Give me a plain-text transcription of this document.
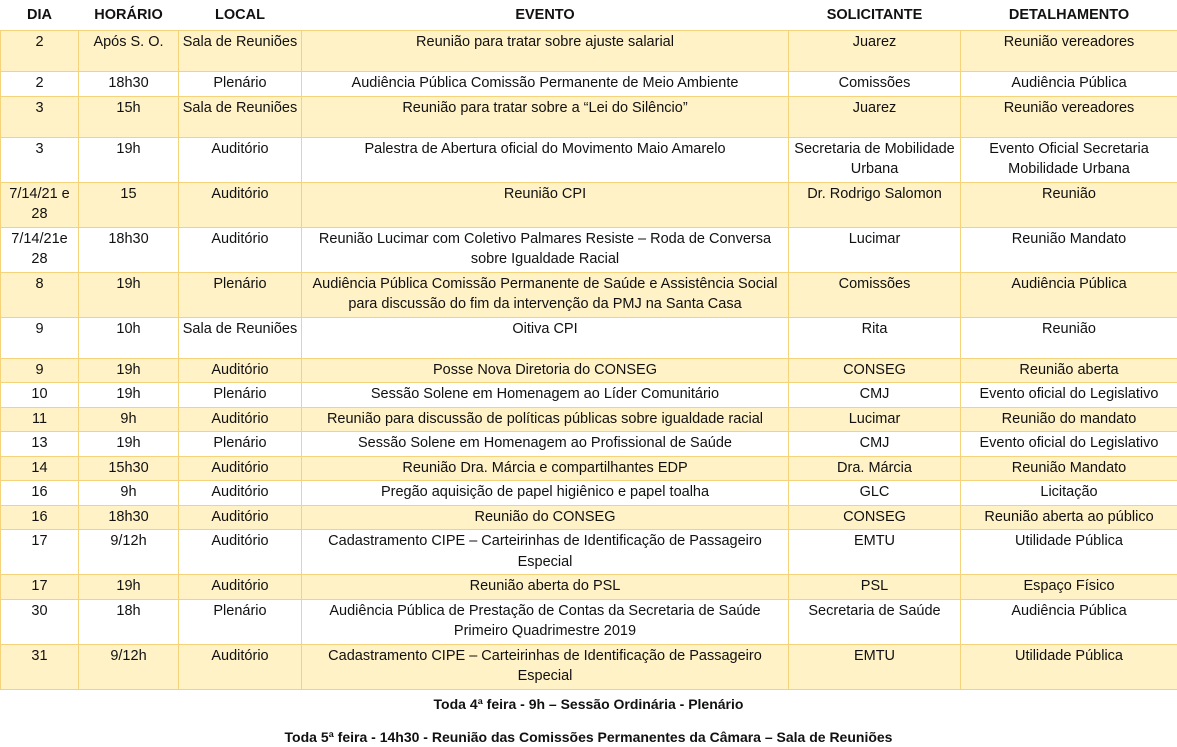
DIA	HORÁRIO	LOCAL	EVENTO	SOLICITANTE	DETALHAMENTO
2	Após S. O.	Sala de Reuniões	Reunião para tratar sobre ajuste salarial	Juarez	Reunião vereadores
2	18h30	Plenário	Audiência Pública Comissão Permanente de Meio Ambiente	Comissões	Audiência Pública
3	15h	Sala de Reuniões	Reunião para tratar sobre a “Lei do Silêncio”	Juarez	Reunião vereadores
3	19h	Auditório	Palestra de Abertura oficial do Movimento Maio Amarelo	Secretaria de Mobilidade Urbana	Evento Oficial Secretaria Mobilidade Urbana
7/14/21 e 28	15	Auditório	Reunião CPI	Dr. Rodrigo Salomon	Reunião
7/14/21e 28	18h30	Auditório	Reunião Lucimar com Coletivo Palmares Resiste – Roda de Conversa sobre Igualdade Racial	Lucimar	Reunião Mandato
8	19h	Plenário	Audiência Pública Comissão Permanente de Saúde e Assistência Social para discussão do fim da intervenção da PMJ na Santa Casa	Comissões	Audiência Pública
9	10h	Sala de Reuniões	Oitiva CPI	Rita	Reunião
9	19h	Auditório	Posse Nova Diretoria do CONSEG	CONSEG	Reunião aberta
10	19h	Plenário	Sessão Solene em Homenagem ao Líder Comunitário	CMJ	Evento oficial do Legislativo
11	9h	Auditório	Reunião para discussão de políticas públicas sobre igualdade racial	Lucimar	Reunião do mandato
13	19h	Plenário	Sessão Solene em Homenagem ao Profissional de Saúde	CMJ	Evento oficial do Legislativo
14	15h30	Auditório	Reunião Dra. Márcia e compartilhantes EDP	Dra. Márcia	Reunião Mandato
16	9h	Auditório	Pregão aquisição de papel higiênico e papel toalha	GLC	Licitação
16	18h30	Auditório	Reunião do CONSEG	CONSEG	Reunião aberta ao público
17	9/12h	Auditório	Cadastramento CIPE – Carteirinhas de Identificação de Passageiro Especial	EMTU	Utilidade Pública
17	19h	Auditório	Reunião aberta do PSL	PSL	Espaço Físico
30	18h	Plenário	Audiência Pública de Prestação de Contas da Secretaria de Saúde Primeiro Quadrimestre 2019	Secretaria de Saúde	Audiência Pública
31	9/12h	Auditório	Cadastramento CIPE – Carteirinhas de Identificação de Passageiro Especial	EMTU	Utilidade Pública
Toda 4ª feira - 9h – Sessão Ordinária - Plenário
Toda 5ª feira - 14h30 - Reunião das Comissões Permanentes da Câmara – Sala de Reuniões
